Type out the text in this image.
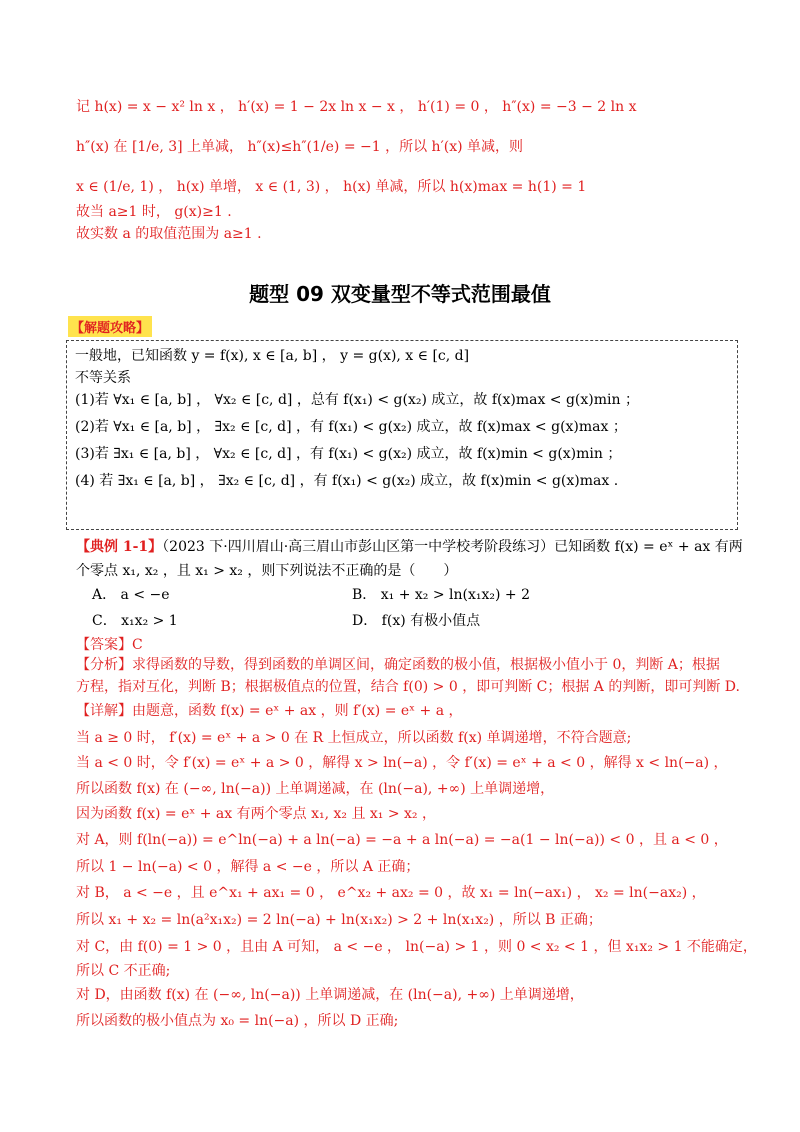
记 h(x) = x − x² ln x ， h′(x) = 1 − 2x ln x − x ， h′(1) = 0 ， h″(x) = −3 − 2 ln x
h″(x) 在 [1/e, 3] 上单减， h″(x)≤h″(1/e) = −1 ，所以 h′(x) 单减，则
x ∈ (1/e, 1) ， h(x) 单增， x ∈ (1, 3) ， h(x) 单减，所以 h(x)max = h(1) = 1
故当 a≥1 时， g(x)≥1 .
故实数 a 的取值范围为 a≥1 .
题型 09 双变量型不等式范围最值
【解题攻略】
一般地，已知函数 y = f(x), x ∈ [a, b] ， y = g(x), x ∈ [c, d]
不等关系
(1)若 ∀x₁ ∈ [a, b] ， ∀x₂ ∈ [c, d] ，总有 f(x₁) < g(x₂) 成立，故 f(x)max < g(x)min ；
(2)若 ∀x₁ ∈ [a, b] ， ∃x₂ ∈ [c, d] ，有 f(x₁) < g(x₂) 成立，故 f(x)max < g(x)max ；
(3)若 ∃x₁ ∈ [a, b] ， ∀x₂ ∈ [c, d] ，有 f(x₁) < g(x₂) 成立，故 f(x)min < g(x)min ；
(4) 若 ∃x₁ ∈ [a, b] ， ∃x₂ ∈ [c, d] ，有 f(x₁) < g(x₂) 成立，故 f(x)min < g(x)max .
【典例 1-1】（2023 下·四川眉山·高三眉山市彭山区第一中学校考阶段练习）已知函数 f(x) = eˣ + ax 有两
个零点 x₁, x₂ ，且 x₁ > x₂ ，则下列说法不正确的是（　　）
A． a < −e	B． x₁ + x₂ > ln(x₁x₂) + 2
C． x₁x₂ > 1	D． f(x) 有极小值点
【答案】C
【分析】求得函数的导数，得到函数的单调区间，确定函数的极小值，根据极小值小于 0，判断 A；根据
方程，指对互化，判断 B；根据极值点的位置，结合 f(0) > 0 ，即可判断 C；根据 A 的判断，即可判断 D.
【详解】由题意，函数 f(x) = eˣ + ax ，则 f′(x) = eˣ + a ，
当 a ≥ 0 时， f′(x) = eˣ + a > 0 在 R 上恒成立，所以函数 f(x) 单调递增，不符合题意;
当 a < 0 时，令 f′(x) = eˣ + a > 0 ，解得 x > ln(−a) ，令 f′(x) = eˣ + a < 0 ，解得 x < ln(−a) ，
所以函数 f(x) 在 (−∞, ln(−a)) 上单调递减，在 (ln(−a), +∞) 上单调递增，
因为函数 f(x) = eˣ + ax 有两个零点 x₁, x₂ 且 x₁ > x₂ ，
对 A，则 f(ln(−a)) = e^ln(−a) + a ln(−a) = −a + a ln(−a) = −a(1 − ln(−a)) < 0 ，且 a < 0 ，
所以 1 − ln(−a) < 0 ，解得 a < −e ，所以 A 正确；
对 B， a < −e ，且 e^x₁ + ax₁ = 0 ， e^x₂ + ax₂ = 0 ，故 x₁ = ln(−ax₁) ， x₂ = ln(−ax₂) ，
所以 x₁ + x₂ = ln(a²x₁x₂) = 2 ln(−a) + ln(x₁x₂) > 2 + ln(x₁x₂) ，所以 B 正确；
对 C，由 f(0) = 1 > 0 ，且由 A 可知， a < −e ， ln(−a) > 1 ，则 0 < x₂ < 1 ，但 x₁x₂ > 1 不能确定，
所以 C 不正确;
对 D，由函数 f(x) 在 (−∞, ln(−a)) 上单调递减，在 (ln(−a), +∞) 上单调递增，
所以函数的极小值点为 x₀ = ln(−a) ，所以 D 正确;
